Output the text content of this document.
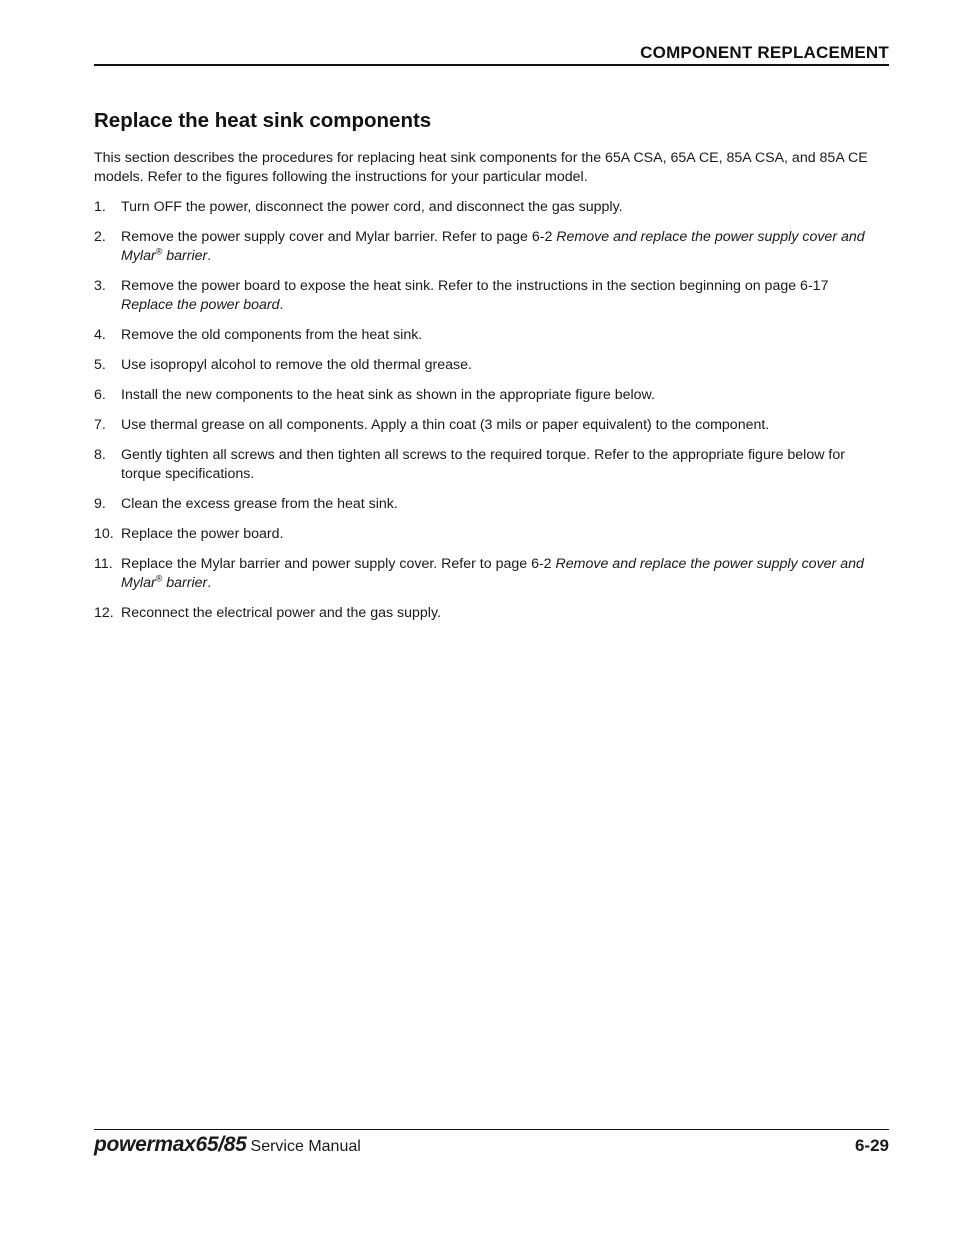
COMPONENT REPLACEMENT
Replace the heat sink components

This section describes the procedures for replacing heat sink components for the 65A CSA, 65A CE, 85A CSA, and 85A CE models. Refer to the figures following the instructions for your particular model.

1. Turn OFF the power, disconnect the power cord, and disconnect the gas supply.
2. Remove the power supply cover and Mylar barrier. Refer to page 6-2 Remove and replace the power supply cover and Mylar® barrier.
3. Remove the power board to expose the heat sink. Refer to the instructions in the section beginning on page 6-17 Replace the power board.
4. Remove the old components from the heat sink.
5. Use isopropyl alcohol to remove the old thermal grease.
6. Install the new components to the heat sink as shown in the appropriate figure below.
7. Use thermal grease on all components. Apply a thin coat (3 mils or paper equivalent) to the component.
8. Gently tighten all screws and then tighten all screws to the required torque. Refer to the appropriate figure below for torque specifications.
9. Clean the excess grease from the heat sink.
10. Replace the power board.
11. Replace the Mylar barrier and power supply cover. Refer to page 6-2 Remove and replace the power supply cover and Mylar® barrier.
12. Reconnect the electrical power and the gas supply.
powermax65/85 Service Manual	6-29
